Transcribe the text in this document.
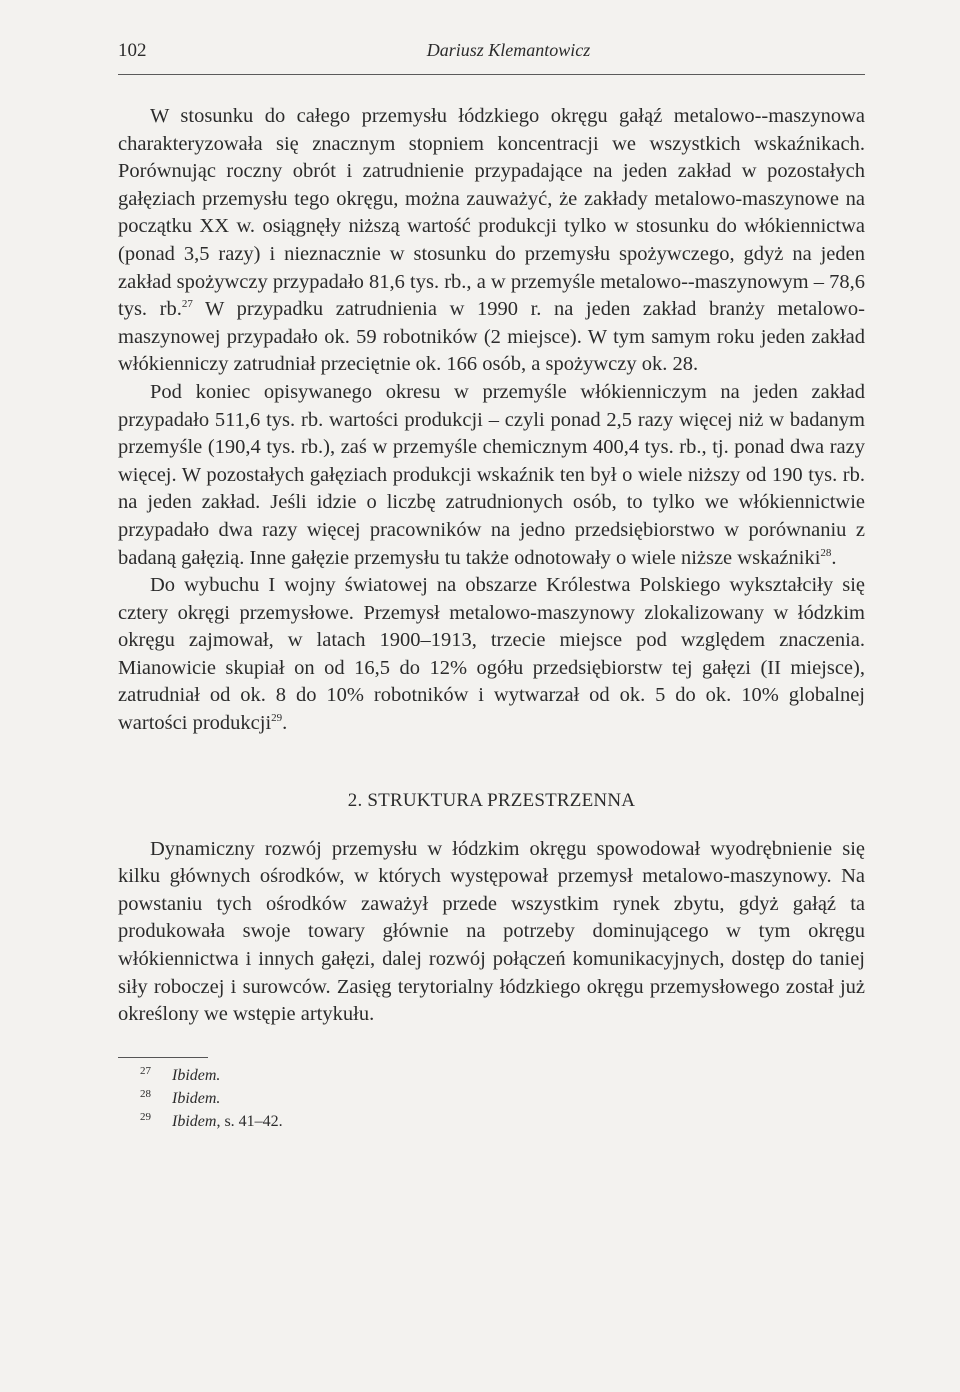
102	Dariusz Klemantowicz

W stosunku do całego przemysłu łódzkiego okręgu gałąź metalowo--maszynowa charakteryzowała się znacznym stopniem koncentracji we wszystkich wskaźnikach. Porównując roczny obrót i zatrudnienie przypadające na jeden zakład w pozostałych gałęziach przemysłu tego okręgu, można zauważyć, że zakłady metalowo-maszynowe na początku XX w. osiągnęły niższą wartość produkcji tylko w stosunku do włókiennictwa (ponad 3,5 razy) i nieznacznie w stosunku do przemysłu spożywczego, gdyż na jeden zakład spożywczy przypadało 81,6 tys. rb., a w przemyśle metalowo--maszynowym – 78,6 tys. rb.$^{27}$ W przypadku zatrudnienia w 1990 r. na jeden zakład branży metalowo-maszynowej przypadało ok. 59 robotników (2 miejsce). W tym samym roku jeden zakład włókienniczy zatrudniał przeciętnie ok. 166 osób, a spożywczy ok. 28.

Pod koniec opisywanego okresu w przemyśle włókienniczym na jeden zakład przypadało 511,6 tys. rb. wartości produkcji – czyli ponad 2,5 razy więcej niż w badanym przemyśle (190,4 tys. rb.), zaś w przemyśle chemicznym 400,4 tys. rb., tj. ponad dwa razy więcej. W pozostałych gałęziach produkcji wskaźnik ten był o wiele niższy od 190 tys. rb. na jeden zakład. Jeśli idzie o liczbę zatrudnionych osób, to tylko we włókiennictwie przypadało dwa razy więcej pracowników na jedno przedsiębiorstwo w porównaniu z badaną gałęzią. Inne gałęzie przemysłu tu także odnotowały o wiele niższe wskaźniki$^{28}$.

Do wybuchu I wojny światowej na obszarze Królestwa Polskiego wykształciły się cztery okręgi przemysłowe. Przemysł metalowo-maszynowy zlokalizowany w łódzkim okręgu zajmował, w latach 1900–1913, trzecie miejsce pod względem znaczenia. Mianowicie skupiał on od 16,5 do 12% ogółu przedsiębiorstw tej gałęzi (II miejsce), zatrudniał od ok. 8 do 10% robotników i wytwarzał od ok. 5 do ok. 10% globalnej wartości produkcji$^{29}$.

2. STRUKTURA PRZESTRZENNA

Dynamiczny rozwój przemysłu w łódzkim okręgu spowodował wyodrębnienie się kilku głównych ośrodków, w których występował przemysł metalowo-maszynowy. Na powstaniu tych ośrodków zaważył przede wszystkim rynek zbytu, gdyż gałąź ta produkowała swoje towary głównie na potrzeby dominującego w tym okręgu włókiennictwa i innych gałęzi, dalej rozwój połączeń komunikacyjnych, dostęp do taniej siły roboczej i surowców. Zasięg terytorialny łódzkiego okręgu przemysłowego został już określony we wstępie artykułu.

27 Ibidem.
28 Ibidem.
29 Ibidem, s. 41–42.
